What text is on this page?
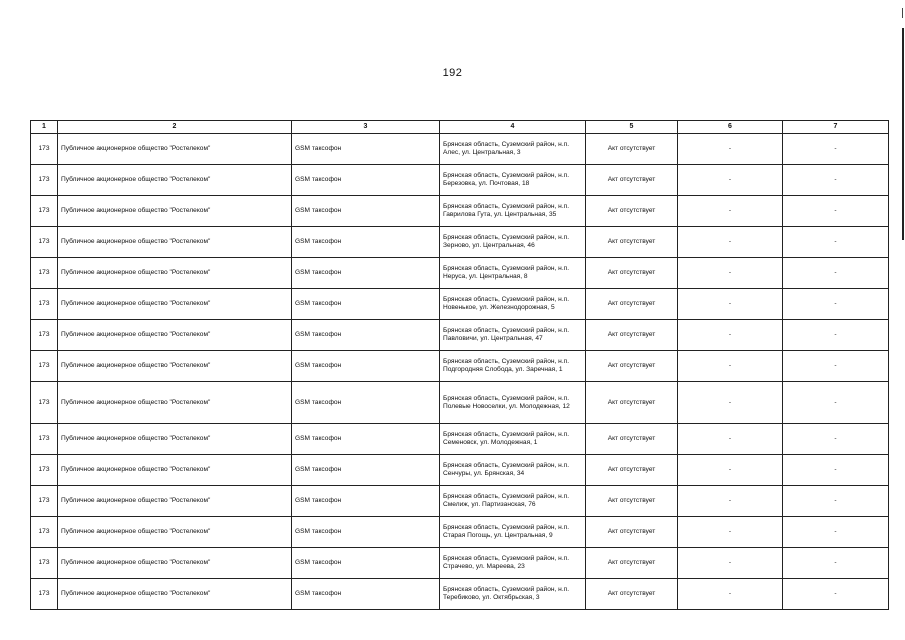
192
1	2	3	4	5	6	7
173	Публичное акционерное общество "Ростелеком"	GSM таксофон	Брянская область, Суземский район, н.п. Алес, ул. Центральная, 3	Акт отсутствует	-	-
173	Публичное акционерное общество "Ростелеком"	GSM таксофон	Брянская область, Суземский район, н.п. Березовка, ул. Почтовая, 18	Акт отсутствует	-	-
173	Публичное акционерное общество "Ростелеком"	GSM таксофон	Брянская область, Суземский район, н.п. Гаврилова Гута, ул. Центральная, 35	Акт отсутствует	-	-
173	Публичное акционерное общество "Ростелеком"	GSM таксофон	Брянская область, Суземский район, н.п. Зерново, ул. Центральная, 46	Акт отсутствует	-	-
173	Публичное акционерное общество "Ростелеком"	GSM таксофон	Брянская область, Суземский район, н.п. Неруса, ул. Центральная, 8	Акт отсутствует	-	-
173	Публичное акционерное общество "Ростелеком"	GSM таксофон	Брянская область, Суземский район, н.п. Новенькое, ул. Железнодорожная, 5	Акт отсутствует	-	-
173	Публичное акционерное общество "Ростелеком"	GSM таксофон	Брянская область, Суземский район, н.п. Павловичи, ул. Центральная, 47	Акт отсутствует	-	-
173	Публичное акционерное общество "Ростелеком"	GSM таксофон	Брянская область, Суземский район, н.п. Подгородняя Слобода, ул. Заречная, 1	Акт отсутствует	-	-
173	Публичное акционерное общество "Ростелеком"	GSM таксофон	Брянская область, Суземский район, н.п. Полевые Новоселки, ул. Молодежная, 12	Акт отсутствует	-	-
173	Публичное акционерное общество "Ростелеком"	GSM таксофон	Брянская область, Суземский район, н.п. Семеновск, ул. Молодежная, 1	Акт отсутствует	-	-
173	Публичное акционерное общество "Ростелеком"	GSM таксофон	Брянская область, Суземский район, н.п. Сенчуры, ул. Брянская, 34	Акт отсутствует	-	-
173	Публичное акционерное общество "Ростелеком"	GSM таксофон	Брянская область, Суземский район, н.п. Смелиж, ул. Партизанская, 76	Акт отсутствует	-	-
173	Публичное акционерное общество "Ростелеком"	GSM таксофон	Брянская область, Суземский район, н.п. Старая Погощь, ул. Центральная, 9	Акт отсутствует	-	-
173	Публичное акционерное общество "Ростелеком"	GSM таксофон	Брянская область, Суземский район, н.п. Страчево, ул. Мареева, 23	Акт отсутствует	-	-
173	Публичное акционерное общество "Ростелеком"	GSM таксофон	Брянская область, Суземский район, н.п. Теребиково, ул. Октябрьская, 3	Акт отсутствует	-	-
